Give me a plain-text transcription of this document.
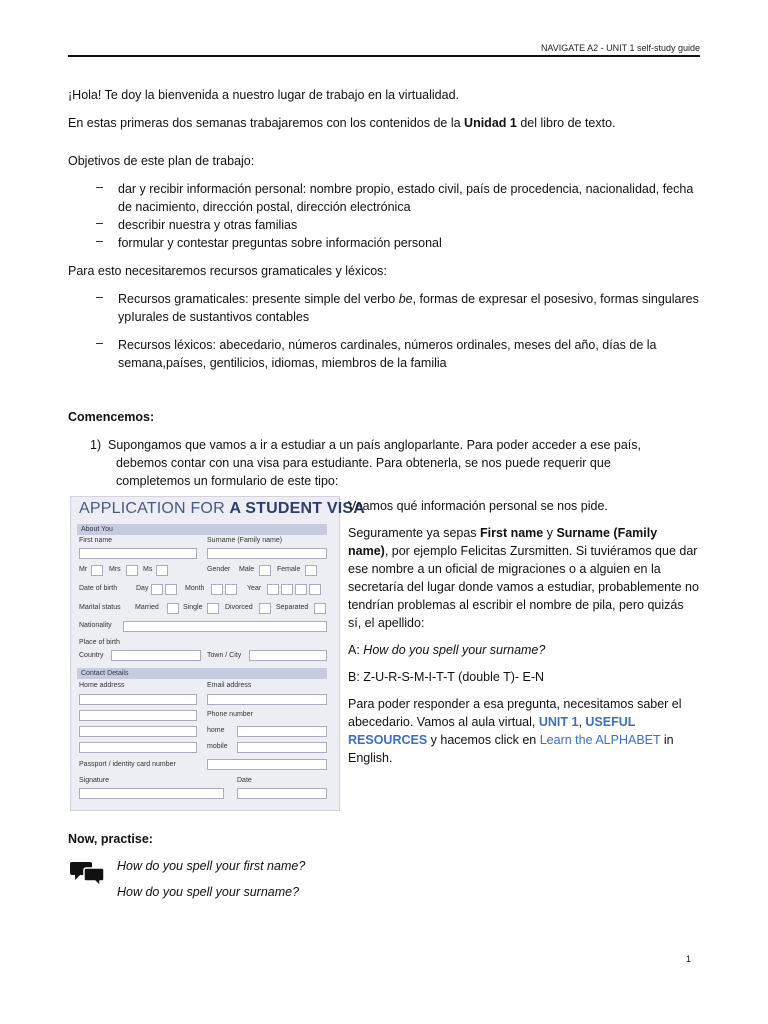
NAVIGATE A2 - UNIT 1 self-study guide

¡Hola! Te doy la bienvenida a nuestro lugar de trabajo en la virtualidad.

En estas primeras dos semanas trabajaremos con los contenidos de la Unidad 1 del libro de texto.

Objetivos de este plan de trabajo:

–	dar y recibir información personal: nombre propio, estado civil, país de procedencia, nacionalidad, fecha de nacimiento, dirección postal, dirección electrónica
–	describir nuestra y otras familias
–	formular y contestar preguntas sobre información personal

Para esto necesitaremos recursos gramaticales y léxicos:

–	Recursos gramaticales: presente simple del verbo be, formas de expresar el posesivo, formas singulares ypIurales de sustantivos contables
–	Recursos léxicos: abecedario, números cardinales, números ordinales, meses del año, días de la semana,países, gentilicios, idiomas, miembros de la familia

Comencemos:

1) Supongamos que vamos a ir a estudiar a un país angloparlante. Para poder acceder a ese país, debemos contar con una visa para estudiante. Para obtenerla, se nos puede requerir que completemos un formulario de este tipo:
APPLICATION FOR A STUDENT VISA
About You
First name	Surname (Family name)
Mr	Mrs	Ms	Gender Male	Female
Date of birth	Day	Month	Year
Marital status Married	Single	Divorced	Separated
Nationality
Place of birth
Country	Town / City
Contact Details
Home address	Email address
Phone number
home
mobile
Passport / identity card number
Signature	Date

Veamos qué información personal se nos pide.

Seguramente ya sepas First name y Surname (Family name), por ejemplo Felicitas Zursmitten. Si tuviéramos que dar ese nombre a un oficial de migraciones o a alguien en la secretaría del lugar donde vamos a estudiar, probablemente no tendrían problemas al escribir el nombre de pila, pero quizás sí, el apellido:

A: How do you spell your surname?

B: Z-U-R-S-M-I-T-T (double T)- E-N

Para poder responder a esa pregunta, necesitamos saber el abecedario. Vamos al aula virtual, UNIT 1, USEFUL RESOURCES y hacemos click en Learn the ALPHABET in English.

Now, practise:

How do you spell your first name?

How do you spell your surname?

1
